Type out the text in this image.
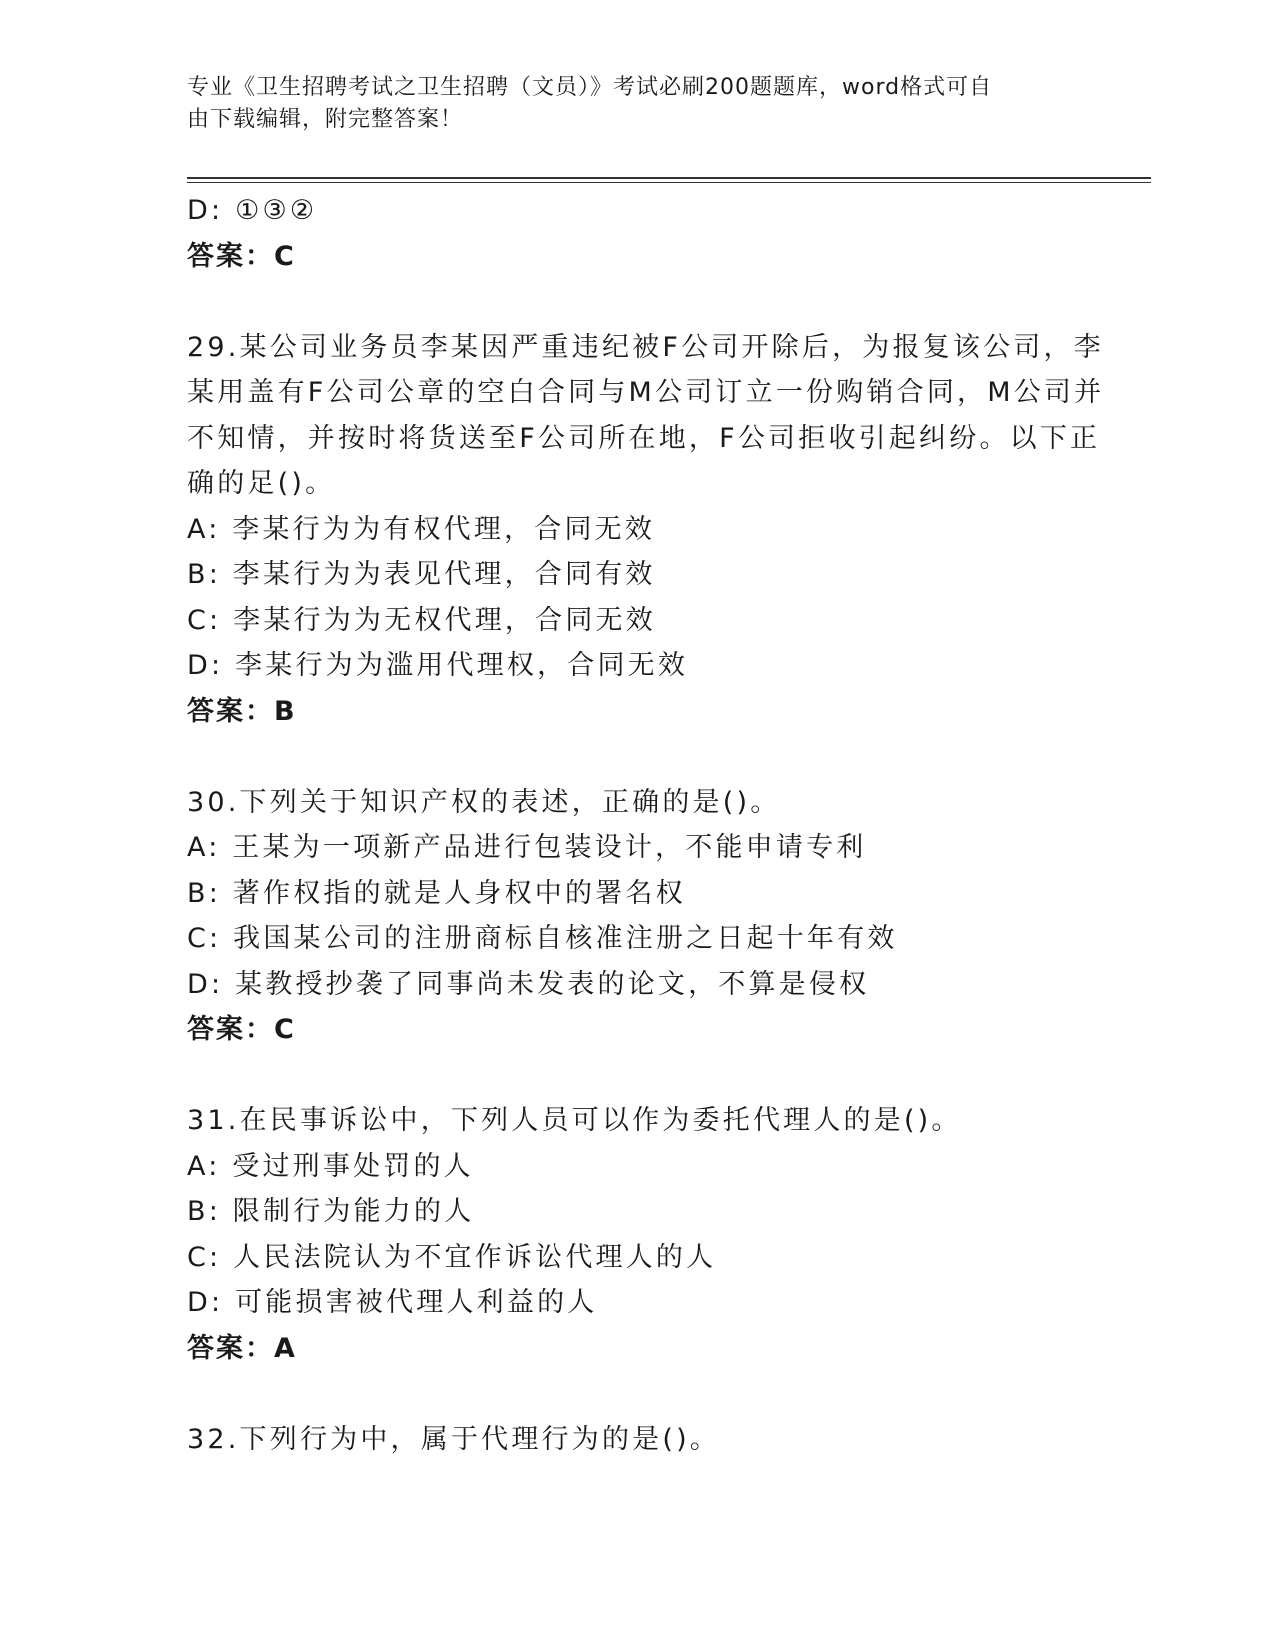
专业《卫生招聘考试之卫生招聘（文员）》考试必刷200题题库，word格式可自
由下载编辑，附完整答案！
D: ①③②
答案：C
29.某公司业务员李某因严重违纪被F公司开除后，为报复该公司，李
某用盖有F公司公章的空白合同与M公司订立一份购销合同，M公司并
不知情，并按时将货送至F公司所在地，F公司拒收引起纠纷。以下正
确的足()。
A: 李某行为为有权代理，合同无效
B: 李某行为为表见代理，合同有效
C: 李某行为为无权代理，合同无效
D: 李某行为为滥用代理权，合同无效
答案：B
30.下列关于知识产权的表述，正确的是()。
A: 王某为一项新产品进行包装设计，不能申请专利
B: 著作权指的就是人身权中的署名权
C: 我国某公司的注册商标自核准注册之日起十年有效
D: 某教授抄袭了同事尚未发表的论文，不算是侵权
答案：C
31.在民事诉讼中，下列人员可以作为委托代理人的是()。
A: 受过刑事处罚的人
B: 限制行为能力的人
C: 人民法院认为不宜作诉讼代理人的人
D: 可能损害被代理人利益的人
答案：A
32.下列行为中，属于代理行为的是()。
